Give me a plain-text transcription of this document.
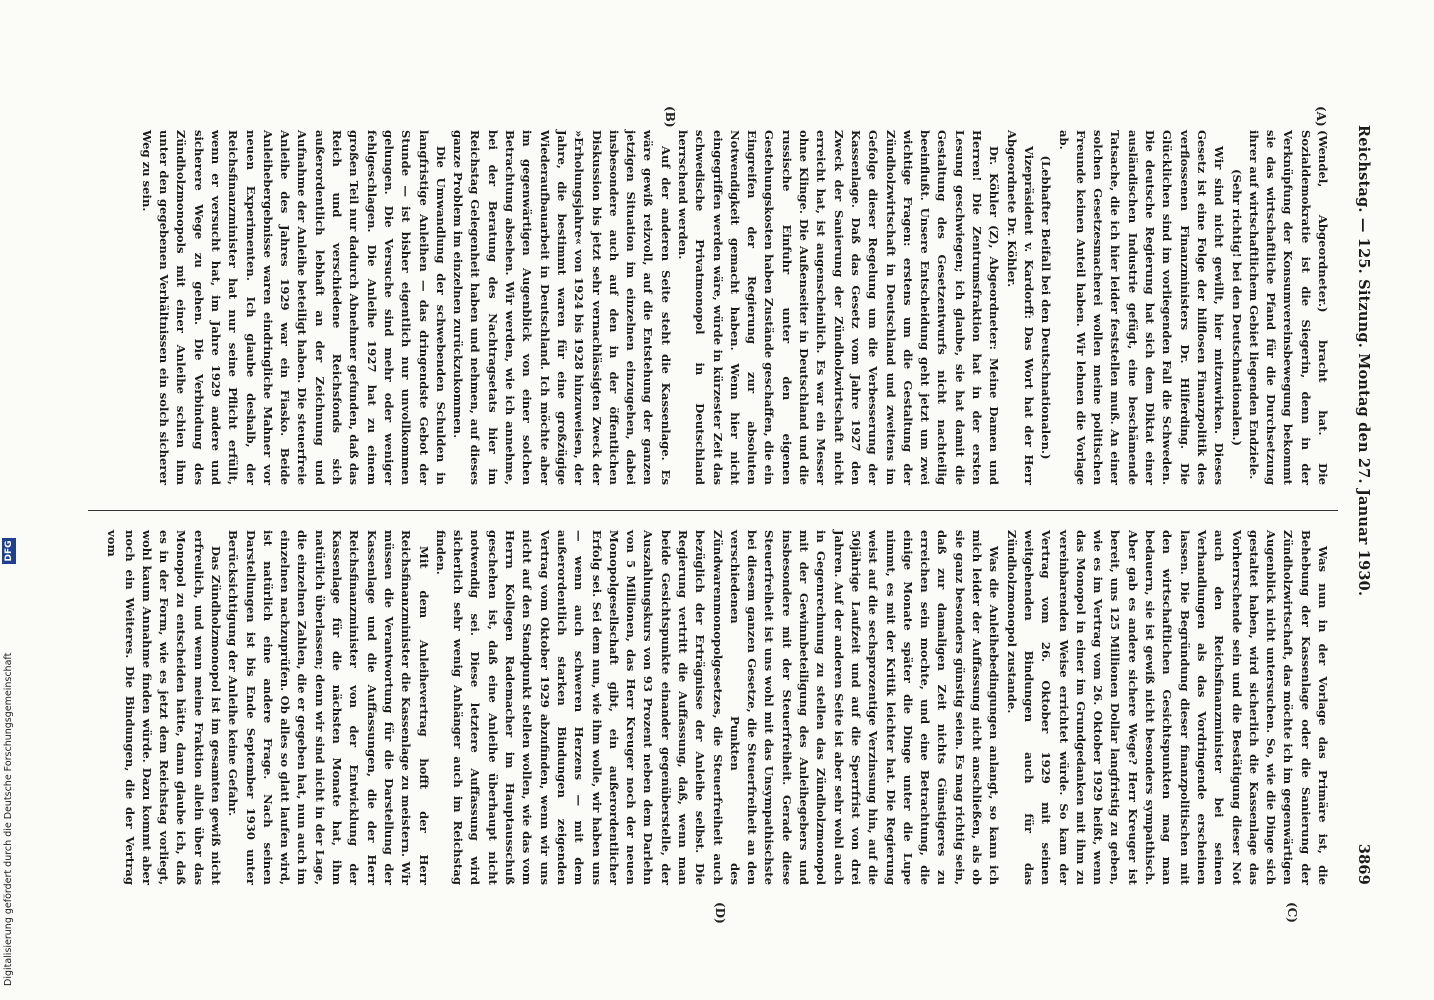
Reichstag. — 125. Sitzung. Montag den 27. Januar 1930.
3869
(A)
(B)
(C)
(D)

(Wendel, Abgeordneter.) bracht hat. Die Sozialdemokratie ist die Siegerin, denn in der Verknüpfung der Konsumvereinsbewegung bekommt sie das wirtschaftliche Pfand für die Durchsetzung ihrer auf wirtschaftlichem Gebiet liegenden Endziele.

(Sehr richtig! bei den Deutschnationalen.)

Wir sind nicht gewillt, hier mitzuwirken. Dieses Gesetz ist eine Folge der hilflosen Finanzpolitik des verflossenen Finanzministers Dr. Hilferding. Die Glücklichen sind im vorliegenden Fall die Schweden. Die deutsche Regierung hat sich dem Diktat einer ausländischen Industrie gefügt, eine beschämende Tatsache, die ich hier leider feststellen muß. An einer solchen Gesetzesmacherei wollen meine politischen Freunde keinen Anteil haben. Wir lehnen die Vorlage ab.

(Lebhafter Beifall bei den Deutschnationalen.)

Vizepräsident v. Kardorff: Das Wort hat der Herr Abgeordnete Dr. Köhler.

Dr. Köhler (Z), Abgeordneter: Meine Damen und Herren! Die Zentrumsfraktion hat in der ersten Lesung geschwiegen; ich glaube, sie hat damit die Gestaltung des Gesetzentwurfs nicht nachteilig beeinflußt. Unsere Entscheidung geht jetzt um zwei wichtige Fragen: erstens um die Gestaltung der Zündholzwirtschaft in Deutschland und zweitens im Gefolge dieser Regelung um die Verbesserung der Kassenlage. Daß das Gesetz vom Jahre 1927 den Zweck der Sanierung der Zündholzwirtschaft nicht erreicht hat, ist augenscheinlich. Es war ein Messer ohne Klinge. Die Außenseiter in Deutschland und die russische Einfuhr unter den eigenen Gestehungskosten haben Zustände geschaffen, die ein Eingreifen der Regierung zur absoluten Notwendigkeit gemacht haben. Wenn hier nicht eingegriffen werden wäre, würde in kürzester Zeit das schwedische Privatmonopol in Deutschland herrschend werden.

Auf der anderen Seite steht die Kassenlage. Es wäre gewiß reizvoll, auf die Entstehung der ganzen jetzigen Situation im einzelnen einzugehen, dabei insbesondere auch auf den in der öffentlichen Diskussion bis jetzt sehr vernachlässigten Zweck der »Erholungsjahre« von 1924 bis 1928 hinzuweisen, der Jahre, die bestimmt waren für eine großzügige Wiederaufbauarbeit in Deutschland. Ich möchte aber im gegenwärtigen Augenblick von einer solchen Betrachtung absehen. Wir werden, wie ich annehme, bei der Beratung des Nachtragsetats hier im Reichstag Gelegenheit haben und nehmen, auf dieses ganze Problem im einzelnen zurückzukommen.

Die Umwandlung der schwebenden Schulden in langfristige Anleihen — das dringendste Gebot der Stunde — ist bisher eigentlich nur unvollkommen gelungen. Die Versuche sind mehr oder weniger fehlgeschlagen. Die Anleihe 1927 hat zu einem großen Teil nur dadurch Abnehmer gefunden, daß das Reich und verschiedene Reichsfonds sich außerordentlich lebhaft an der Zeichnung und Aufnahme der Anleihe beteiligt haben. Die steuerfreie Anleihe des Jahres 1929 war ein Fiasko. Beide Anleihebergebnisse waren eindringliche Mahner vor neuen Experimenten. Ich glaube deshalb, der Reichsfinanzminister hat nur seine Pflicht erfüllt, wenn er versucht hat, im Jahre 1929 andere und sicherere Wege zu gehen. Die Verbindung des Zündholzmonopols mit einer Anleihe schien ihm unter den gegebenen Verhältnissen ein solch sicherer Weg zu sein.

Was nun in der Vorlage das Primäre ist, die Behebung der Kassenlage oder die Sanierung der Zündholzwirtschaft, das möchte ich im gegenwärtigen Augenblick nicht untersuchen. So, wie die Dinge sich gestaltet haben, wird sicherlich die Kassenlage das Vorherrschende sein und die Bestätigung dieser Not auch den Reichsfinanzminister bei seinen Verhandlungen als das Vordringende erscheinen lassen. Die Begründung dieser finanzpolitischen mit den wirtschaftlichen Gesichtspunkten mag man bedauern, sie ist gewiß nicht besonders sympathisch. Aber gab es andere sichere Wege? Herr Kreuger ist bereit, uns 125 Millionen Dollar langfristig zu geben, wie es im Vertrag vom 26. Oktober 1929 heißt, wenn das Monopol in einer im Grundgedanken mit ihm zu vereinbarenden Weise errichtet würde. So kam der Vertrag vom 26. Oktober 1929 mit seinen weitgehenden Bindungen auch für das Zündholzmonopol zustande.

Was die Anleihebedingungen anlangt, so kann ich mich leider der Auffassung nicht anschließen, als ob sie ganz besonders günstig seien. Es mag richtig sein, daß zur damaligen Zeit nichts Günstigeres zu erreichen sein mochte, und eine Betrachtung, die einige Monate später die Dinge unter die Lupe nimmt, es mit der Kritik leichter hat. Die Regierung weist auf die sechsprozentige Verzinsung hin, auf die 50jährige Laufzeit und auf die Sperrfrist von drei Jahren. Auf der anderen Seite ist aber sehr wohl auch in Gegenrechnung zu stellen das Zündholzmonopol mit der Gewinnbeteiligung des Anleihegebers und insbesondere mit der Steuerfreiheit. Gerade diese Steuerfreiheit ist uns wohl mit das Unsympathischste bei diesem ganzen Gesetze, die Steuerfreiheit an den verschiedenen Punkten des Zündwarenmonopolgesetzes, die Steuerfreiheit auch bezüglich der Erträgnisse der Anleihe selbst. Die Regierung vertritt die Auffassung, daß, wenn man beide Gesichtspunkte einander gegenüberstelle, der Auszahlungskurs von 93 Prozent neben dem Darlehn von 5 Millionen, das Herr Kreuger noch der neuen Monopolgesellschaft gibt, ein außerordentlicher Erfolg sei. Sei dem nun, wie ihm wolle, wir haben uns — wenn auch schweren Herzens — mit dem außerordentlich starken Bindungen zeigenden Vertrag vom Oktober 1929 abzufinden, wenn wir uns nicht auf den Standpunkt stellen wollen, wie das vom Herrn Kollegen Rademacher im Hauptausschuß geschehen ist, daß eine Anleihe überhaupt nicht notwendig sei. Diese letztere Auffassung wird sicherlich sehr wenig Anhänger auch im Reichstag finden.

Mit dem Anleihevertrag hofft der Herr Reichsfinanzminister die Kassenlage zu meistern. Wir müssen die Verantwortung für die Darstellung der Kassenlage und die Auffassungen, die der Herr Reichsfinanzminister von der Entwicklung der Kassenlage für die nächsten Monate hat, ihm natürlich überlassen; denn wir sind nicht in der Lage, die einzelnen Zahlen, die er gegeben hat, nun auch im einzelnen nachzuprüfen. Ob alles so glatt laufen wird, ist natürlich eine andere Frage. Nach seinen Darstellungen ist bis Ende September 1930 unter Berücksichtigung der Anleihe keine Gefahr.

Das Zündholzmonopol ist im gesamten gewiß nicht erfreulich, und wenn meine Fraktion allein über das Monopol zu entscheiden hätte, dann glaube ich, daß es in der Form, wie es jetzt dem Reichstag vorliegt, wohl kaum Annahme finden würde. Dazu kommt aber noch ein Weiteres. Die Bindungen, die der Vertrag vom

Digitalisierung gefördert durch die Deutsche Forschungsgemeinschaft
DFG
